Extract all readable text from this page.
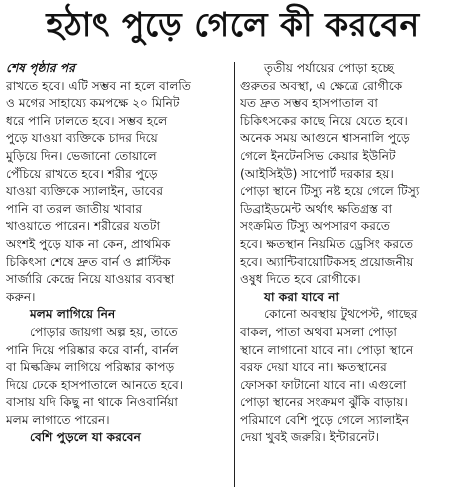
হঠাৎ পুড়ে গেলে কী করবেন
শেষ পৃষ্ঠার পর
রাখতে হবে। এটি সম্ভব না হলে বালতি
ও মগের সাহায্যে কমপক্ষে ২০ মিনিট
ধরে পানি ঢালতে হবে। সম্ভব হলে
পুড়ে যাওয়া ব্যক্তিকে চাদর দিয়ে
মুড়িয়ে দিন। ভেজানো তোয়ালে
পেঁচিয়ে রাখতে হবে। শরীর পুড়ে
যাওয়া ব্যক্তিকে স্যালাইন, ডাবের
পানি বা তরল জাতীয় খাবার
খাওয়াতে পারেন। শরীরের যতটা
অংশই পুড়ে যাক না কেন, প্রাথমিক
চিকিৎসা শেষে দ্রুত বার্ন ও প্লাস্টিক
সার্জারি কেন্দ্রে নিয়ে যাওয়ার ব্যবস্থা
করুন।
মলম লাগিয়ে নিন
পোড়ার জায়গা অল্প হয়, তাতে
পানি দিয়ে পরিষ্কার করে বার্না, বার্নল
বা মিল্কক্রিম লাগিয়ে পরিষ্কার কাপড়
দিয়ে ঢেকে হাসপাতালে আনতে হবে।
বাসায় যদি কিছু না থাকে নিওবার্নিয়া
মলম লাগাতে পারেন।
বেশি পুড়লে যা করবেন
তৃতীয় পর্যায়ের পোড়া হচ্ছে
গুরুতর অবস্থা, এ ক্ষেত্রে রোগীকে
যত দ্রুত সম্ভব হাসপাতাল বা
চিকিৎসকের কাছে নিয়ে যেতে হবে।
অনেক সময় আগুনে শ্বাসনালি পুড়ে
গেলে ইনটেনসিভ কেয়ার ইউনিট
(আইসিইউ) সাপোর্ট দরকার হয়।
পোড়া স্থানে টিস্যু নষ্ট হয়ে গেলে টিস্যু
ডিব্রাইডমেন্ট অর্থাৎ ক্ষতিগ্রস্ত বা
সংক্রমিত টিস্যু অপসারণ করতে
হবে। ক্ষতস্থান নিয়মিত ড্রেসিং করতে
হবে। অ্যান্টিবায়োটিকসহ প্রয়োজনীয়
ওষুধ দিতে হবে রোগীকে।
যা করা যাবে না
কোনো অবস্থায় টুথপেস্ট, গাছের
বাকল, পাতা অথবা মসলা পোড়া
স্থানে লাগানো যাবে না। পোড়া স্থানে
বরফ দেয়া যাবে না। ক্ষতস্থানের
ফোসকা ফাটানো যাবে না। এগুলো
পোড়া স্থানের সংক্রমণ ঝুঁকি বাড়ায়।
পরিমাণে বেশি পুড়ে গেলে স্যালাইন
দেয়া খুবই জরুরি। ইন্টারনেট।
